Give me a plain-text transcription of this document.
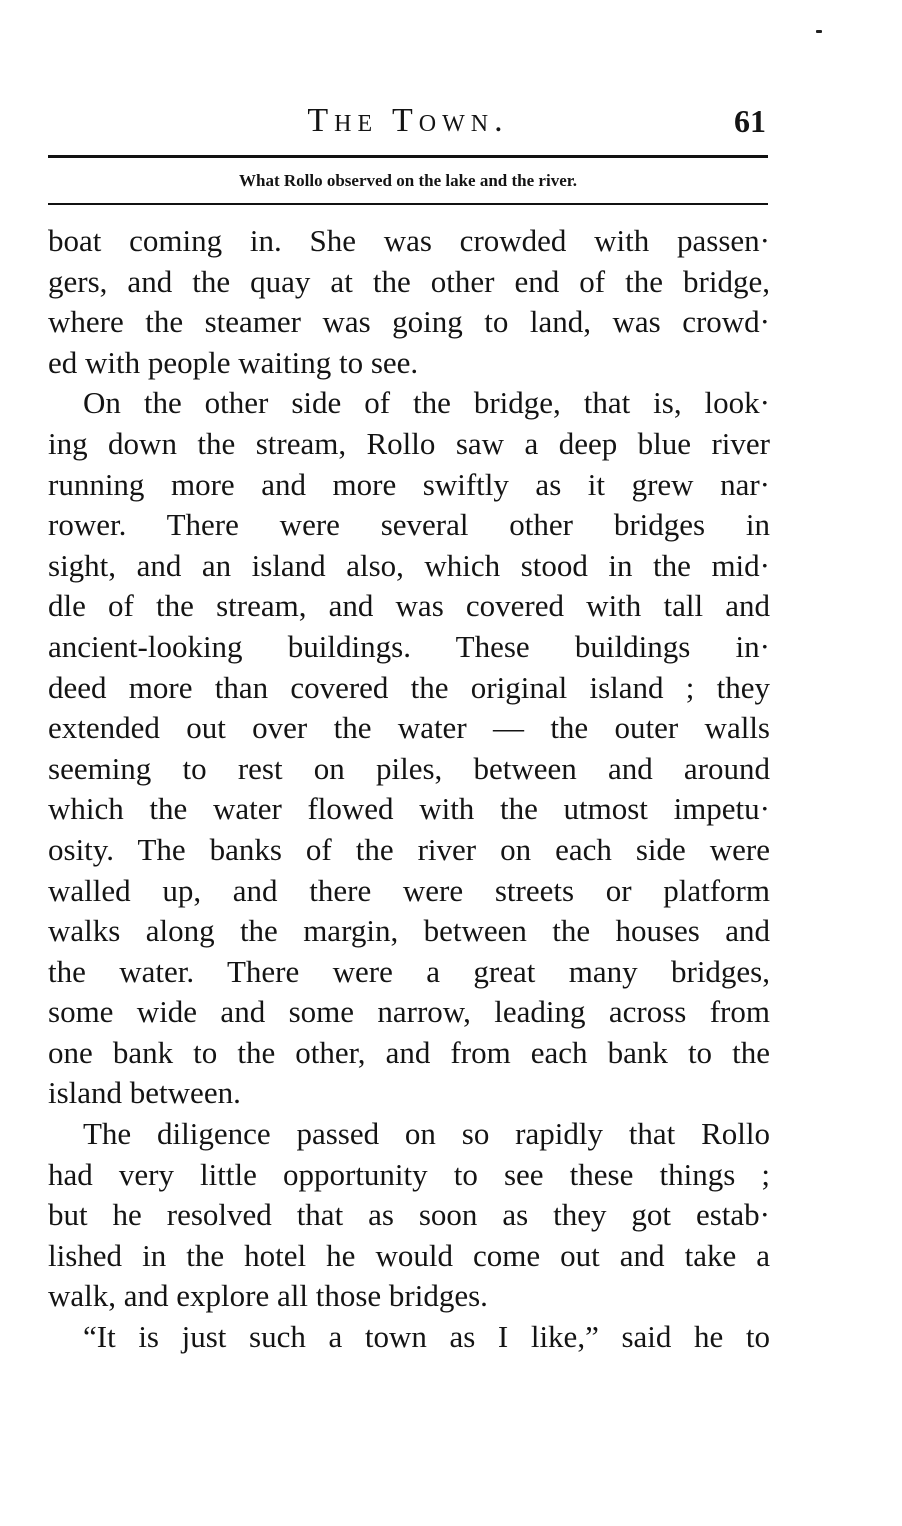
The Town.	61
What Rollo observed on the lake and the river.
boat coming in. She was crowded with passen·
gers, and the quay at the other end of the bridge,
where the steamer was going to land, was crowd·
ed with people waiting to see.
On the other side of the bridge, that is, look·
ing down the stream, Rollo saw a deep blue river
running more and more swiftly as it grew nar·
rower. There were several other bridges in
sight, and an island also, which stood in the mid·
dle of the stream, and was covered with tall and
ancient-looking buildings. These buildings in·
deed more than covered the original island ; they
extended out over the water — the outer walls
seeming to rest on piles, between and around
which the water flowed with the utmost impetu·
osity. The banks of the river on each side were
walled up, and there were streets or platform
walks along the margin, between the houses and
the water. There were a great many bridges,
some wide and some narrow, leading across from
one bank to the other, and from each bank to the
island between.
The diligence passed on so rapidly that Rollo
had very little opportunity to see these things ;
but he resolved that as soon as they got estab·
lished in the hotel he would come out and take a
walk, and explore all those bridges.
“It is just such a town as I like,” said he to
